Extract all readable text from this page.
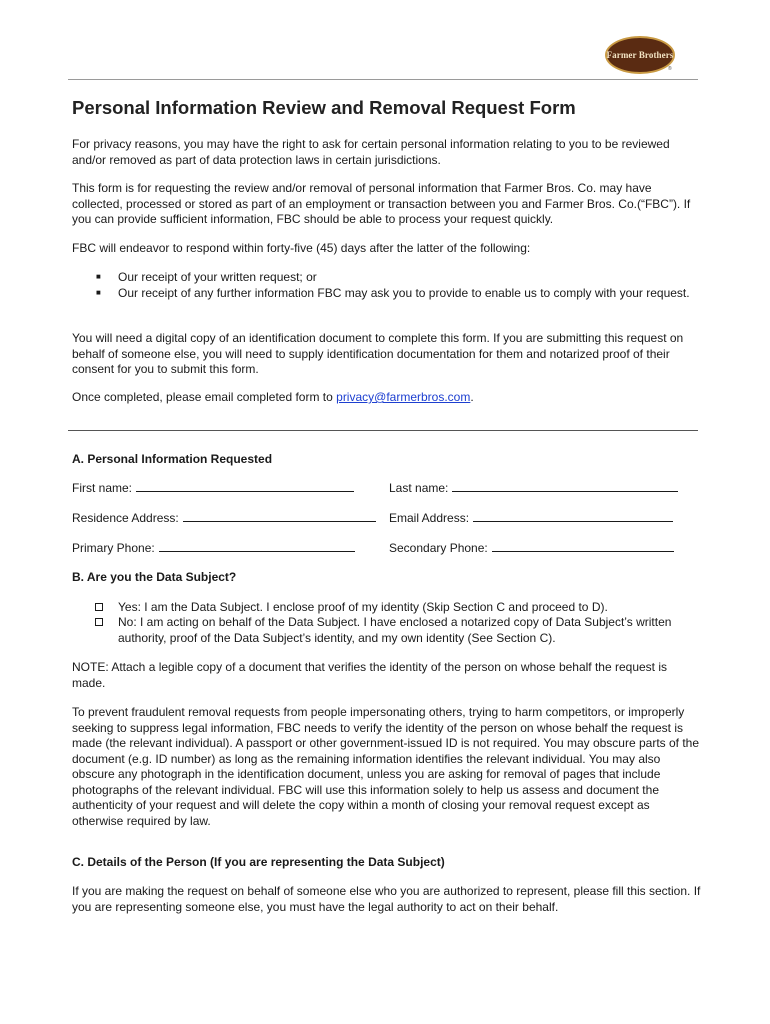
Farmer Brothers
®
Personal Information Review and Removal Request Form

For privacy reasons, you may have the right to ask for certain personal information relating to you to be reviewed and/or removed as part of data protection laws in certain jurisdictions.

This form is for requesting the review and/or removal of personal information that Farmer Bros. Co. may have collected, processed or stored as part of an employment or transaction between you and Farmer Bros. Co.(“FBC”). If you can provide sufficient information, FBC should be able to process your request quickly.

FBC will endeavor to respond within forty-five (45) days after the latter of the following:

■ Our receipt of your written request; or
■ Our receipt of any further information FBC may ask you to provide to enable us to comply with your request.

You will need a digital copy of an identification document to complete this form. If you are submitting this request on behalf of someone else, you will need to supply identification documentation for them and notarized proof of their consent for you to submit this form.

Once completed, please email completed form to privacy@farmerbros.com.

A. Personal Information Requested
First name:	Last name:
Residence Address:	Email Address:
Primary Phone:	Secondary Phone:
B. Are you the Data Subject?
Yes: I am the Data Subject. I enclose proof of my identity (Skip Section C and proceed to D).
No: I am acting on behalf of the Data Subject. I have enclosed a notarized copy of Data Subject’s written authority, proof of the Data Subject’s identity, and my own identity (See Section C).

NOTE: Attach a legible copy of a document that verifies the identity of the person on whose behalf the request is made.

To prevent fraudulent removal requests from people impersonating others, trying to harm competitors, or improperly seeking to suppress legal information, FBC needs to verify the identity of the person on whose behalf the request is made (the relevant individual). A passport or other government-issued ID is not required. You may obscure parts of the document (e.g. ID number) as long as the remaining information identifies the relevant individual. You may also obscure any photograph in the identification document, unless you are asking for removal of pages that include photographs of the relevant individual. FBC will use this information solely to help us assess and document the authenticity of your request and will delete the copy within a month of closing your removal request except as otherwise required by law.

C. Details of the Person (If you are representing the Data Subject)

If you are making the request on behalf of someone else who you are authorized to represent, please fill this section. If you are representing someone else, you must have the legal authority to act on their behalf.
